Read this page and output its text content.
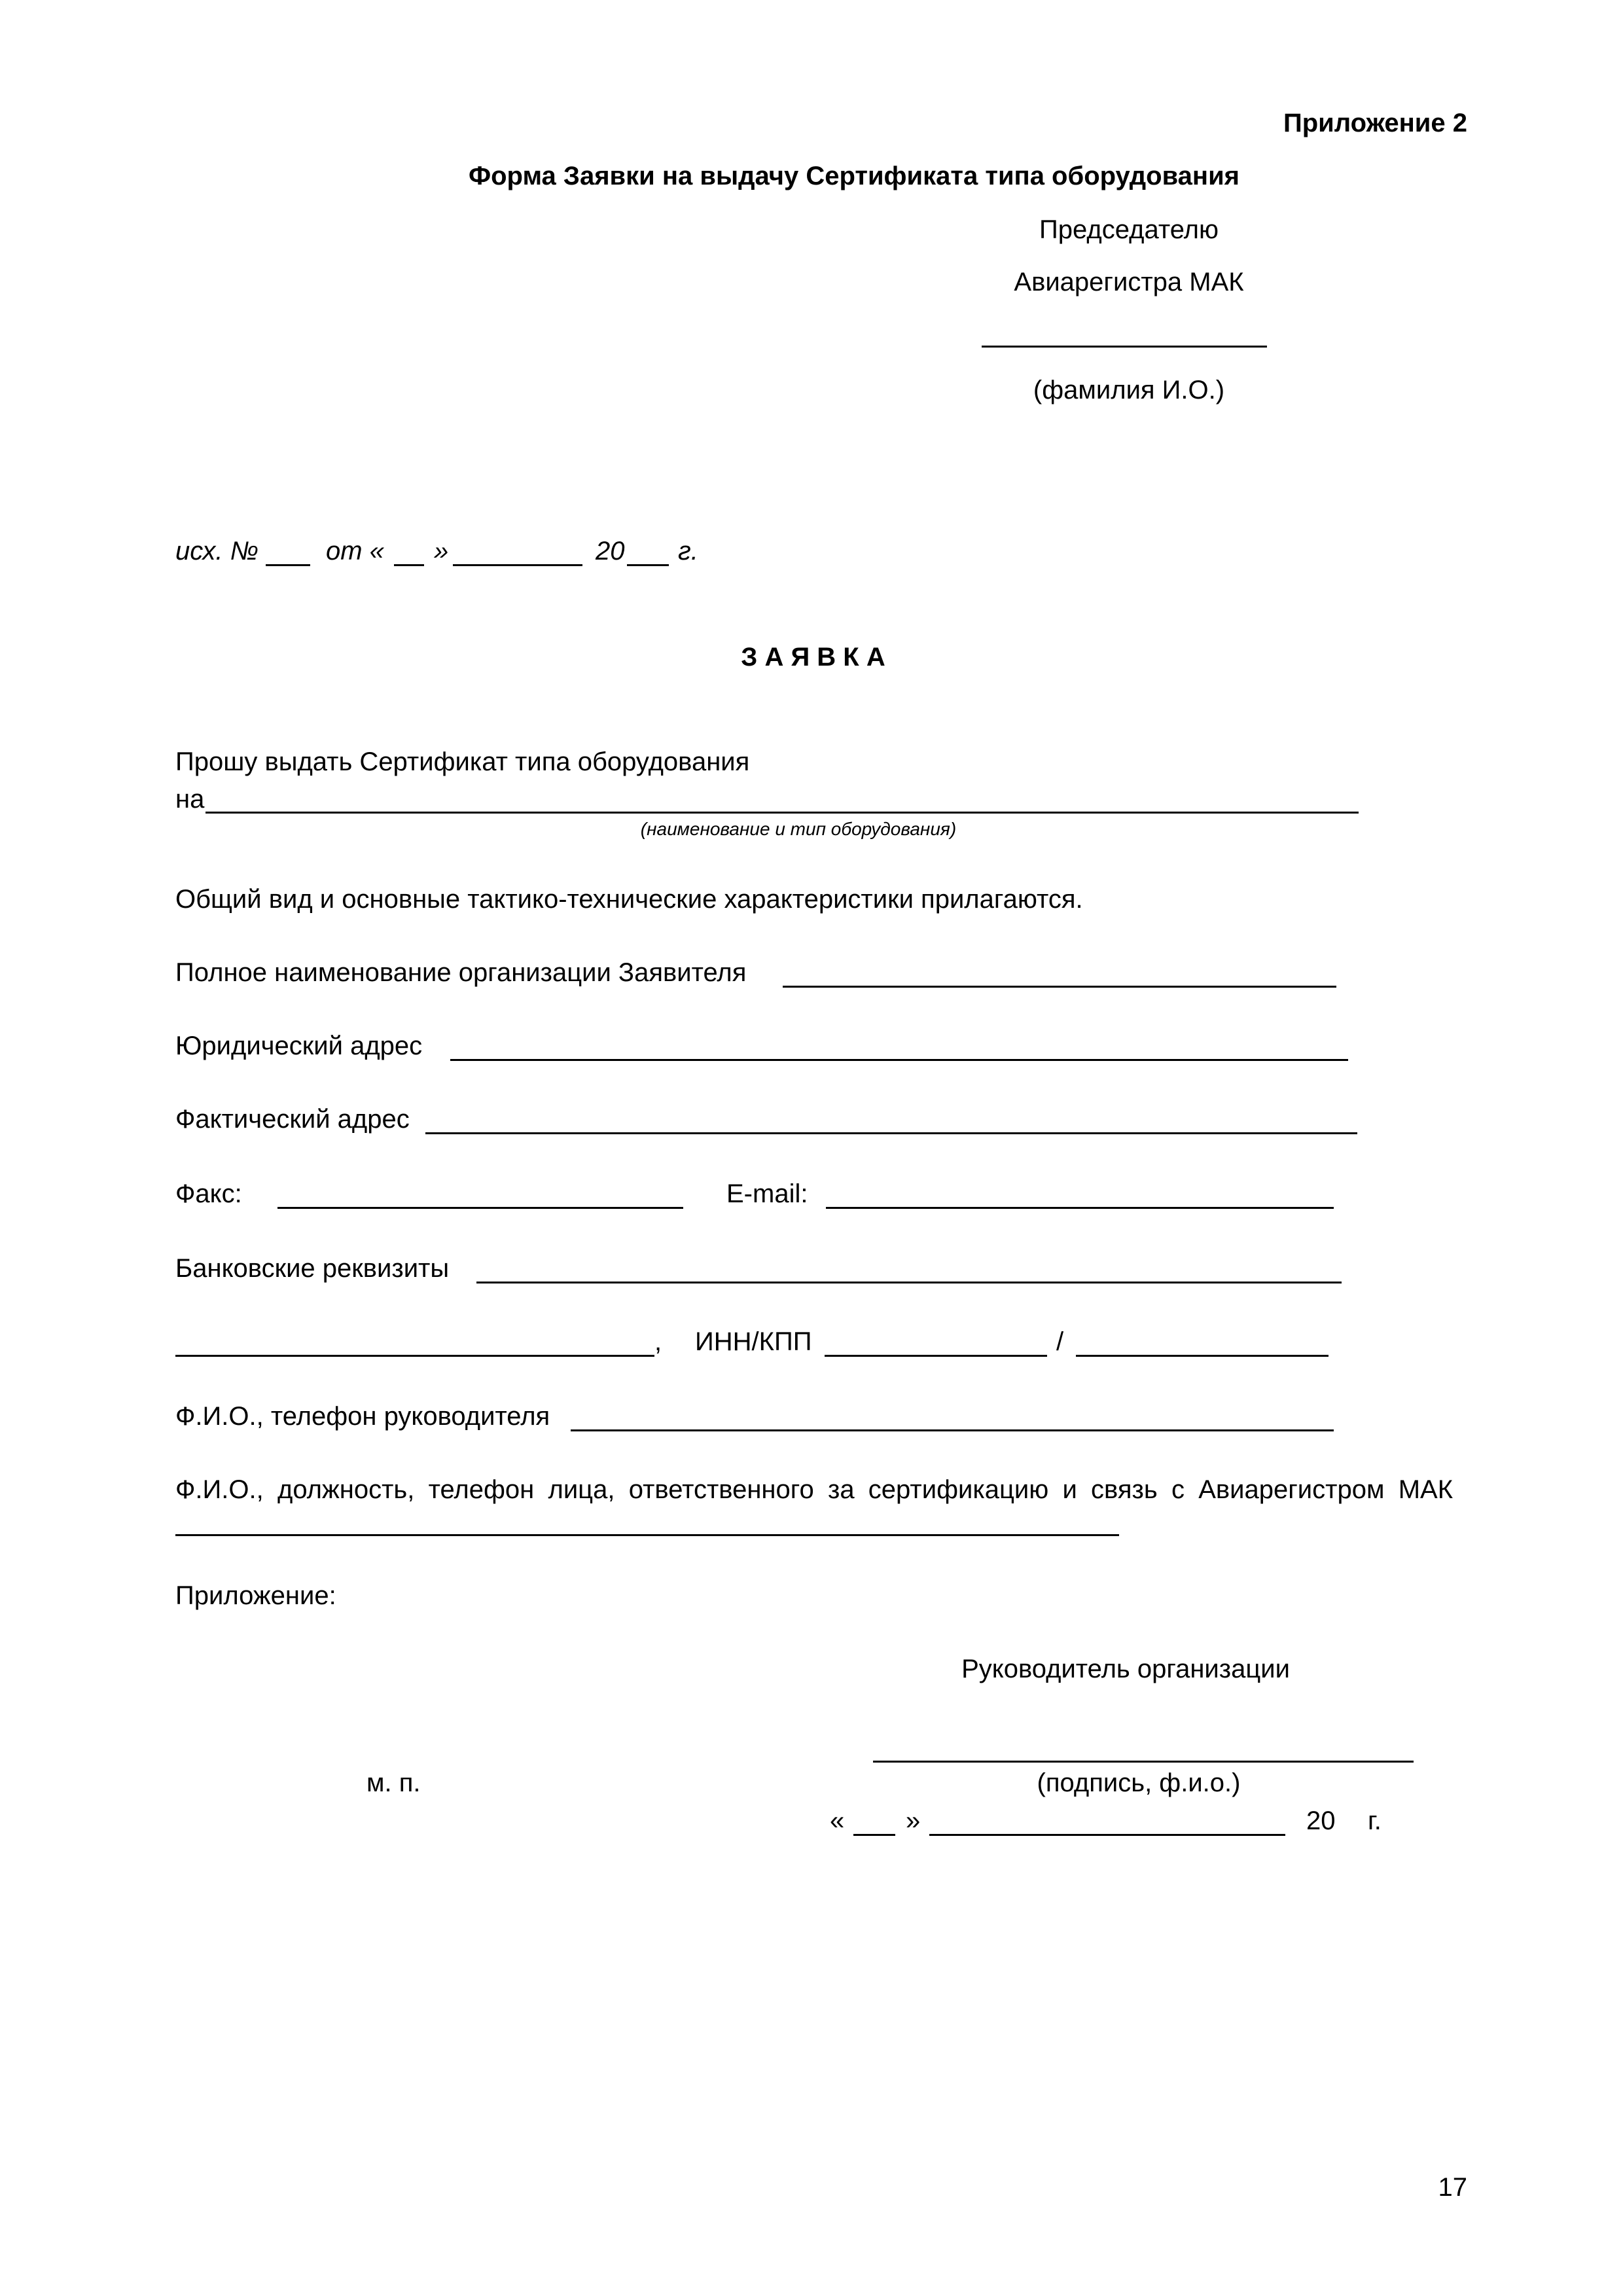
Приложение 2
Форма Заявки на выдачу Сертификата типа оборудования
Председателю
Авиарегистра МАК
(фамилия И.О.)
исх. №	от « »	20 г.
З А Я В К А
Прошу выдать Сертификат типа оборудования
на
(наименование и тип оборудования)
Общий вид и основные тактико-технические характеристики прилагаются.
Полное наименование организации Заявителя
Юридический адрес
Фактический адрес
Факс:	E-mail:
Банковские реквизиты
, ИНН/КПП	/
Ф.И.О., телефон руководителя
Ф.И.О., должность, телефон лица, ответственного за сертификацию и связь с Авиарегистром МАК
Приложение:
Руководитель организации
м. п.	(подпись, ф.и.о.)
« »	20 г.
17
